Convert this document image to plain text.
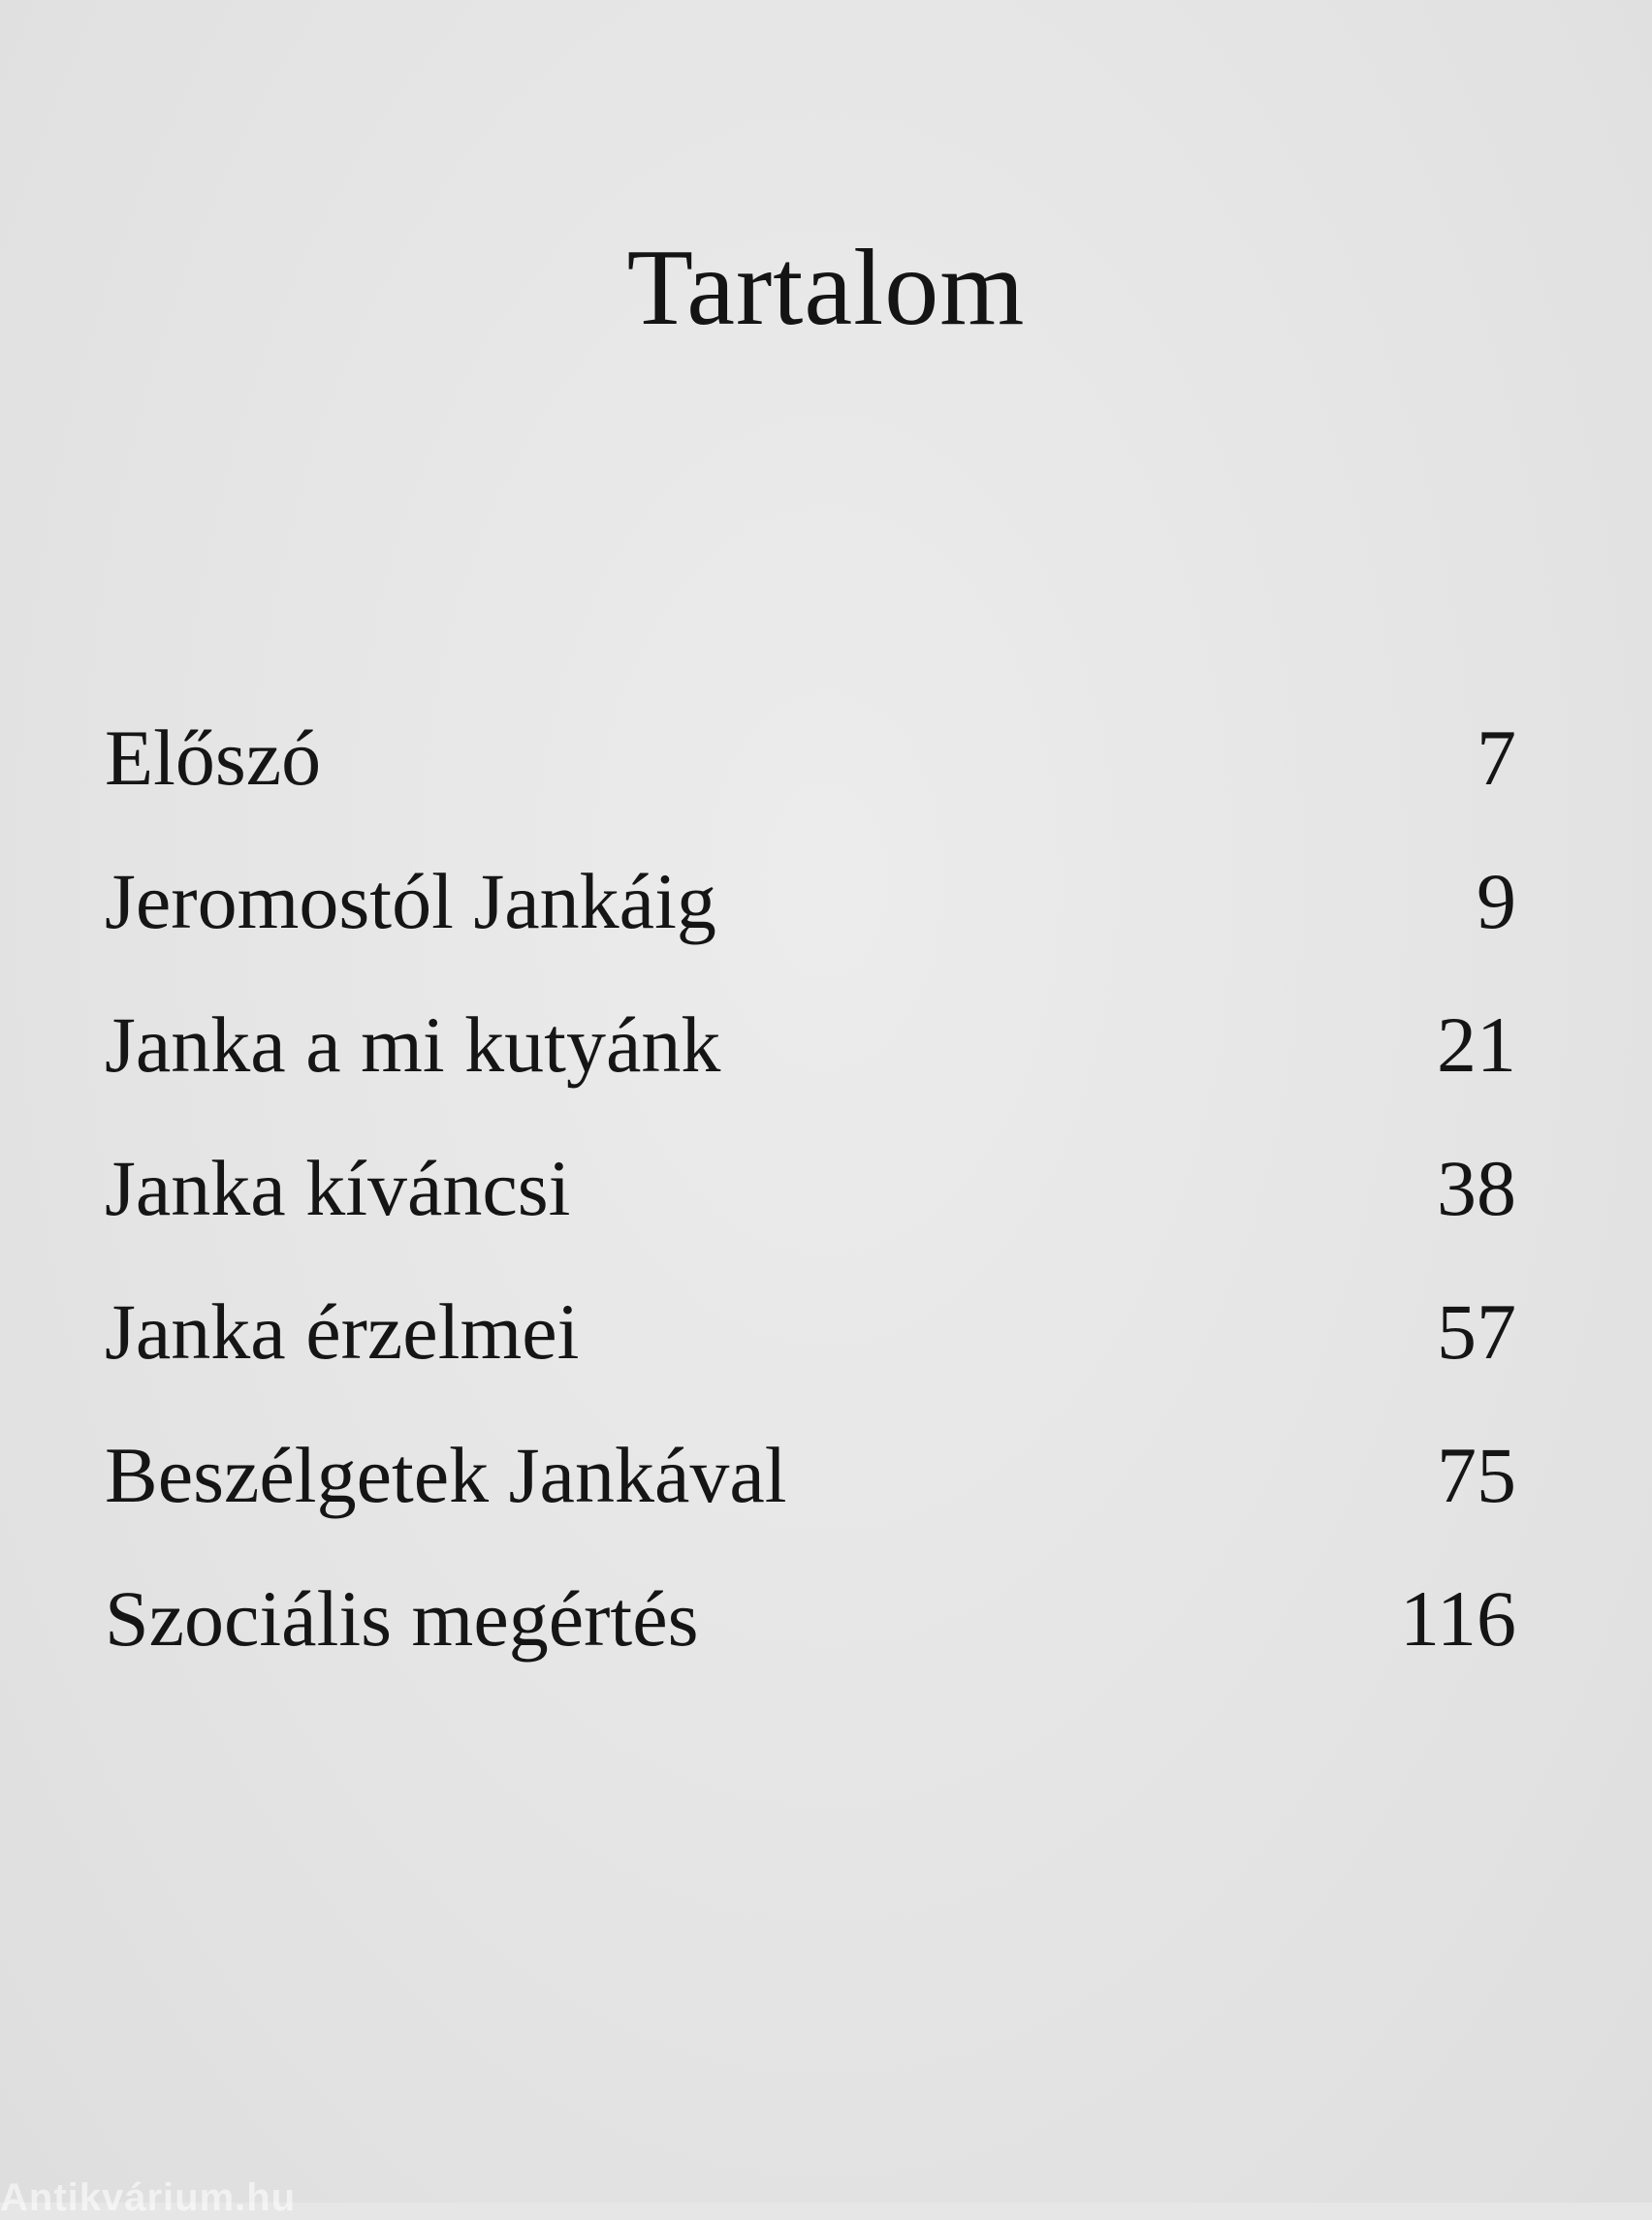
Tartalom
Előszó	7
Jeromostól Jankáig	9
Janka a mi kutyánk	21
Janka kíváncsi	38
Janka érzelmei	57
Beszélgetek Jankával	75
Szociális megértés	116
Antikvárium.hu
